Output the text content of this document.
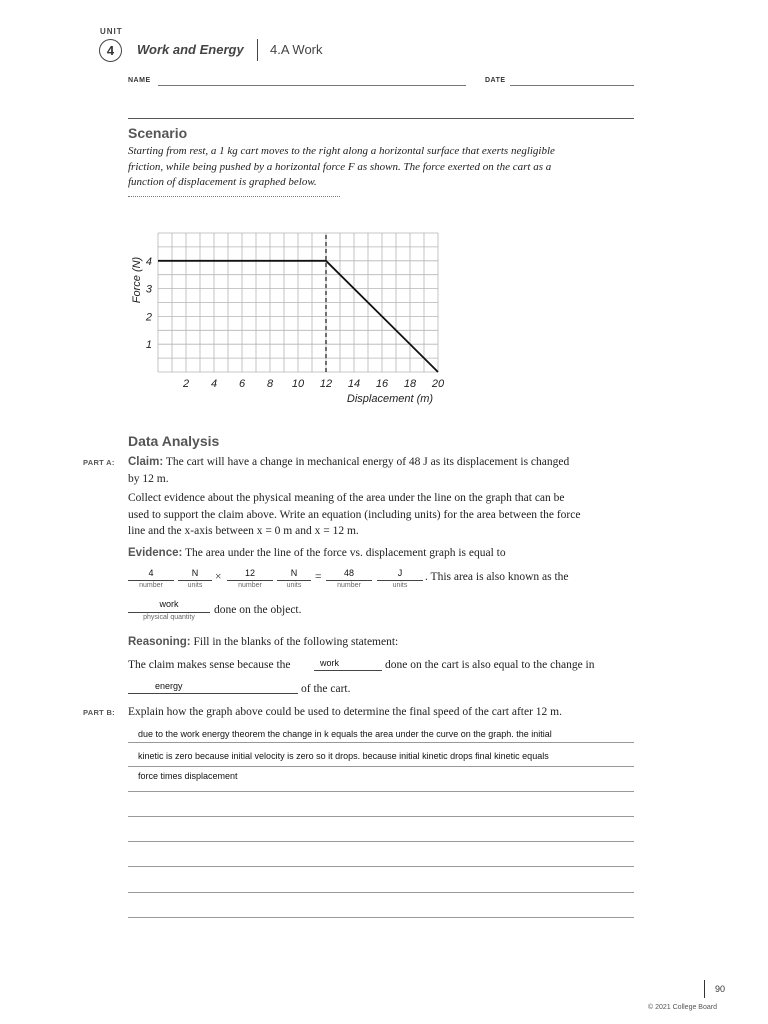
UNIT
4	Work and Energy 4.A Work
NAME	DATE
Scenario
Starting from rest, a 1 kg cart moves to the right along a horizontal surface that exerts negligible
friction, while being pushed by a horizontal force F as shown. The force exerted on the cart as a
function of displacement is graphed below.
2 4 6 8 10 12 14 16 18 20
1
2
3
4
Displacement (m)
Force (N)
Data Analysis
PART A: Claim: The cart will have a change in mechanical energy of 48 J as its displacement is changed
by 12 m.
Collect evidence about the physical meaning of the area under the line on the graph that can be
used to support the claim above. Write an equation (including units) for the area between the force
line and the x-axis between x = 0 m and x = 12 m.
Evidence: The area under the line of the force vs. displacement graph is equal to
4
number
N
units
×	12
number
N
units
=	48
number
J
units
. This area is also known as the
work
physical quantity
done on the object.
Reasoning: Fill in the blanks of the following statement:
The claim makes sense because the	work	done on the cart is also equal to the change in
energy	of the cart.
PART B: Explain how the graph above could be used to determine the final speed of the cart after 12 m.
due to the work energy theorem the change in k equals the area under the curve on the graph. the initial
kinetic is zero because initial velocity is zero so it drops. because initial kinetic drops final kinetic equals
force times displacement
90
© 2021 College Board
